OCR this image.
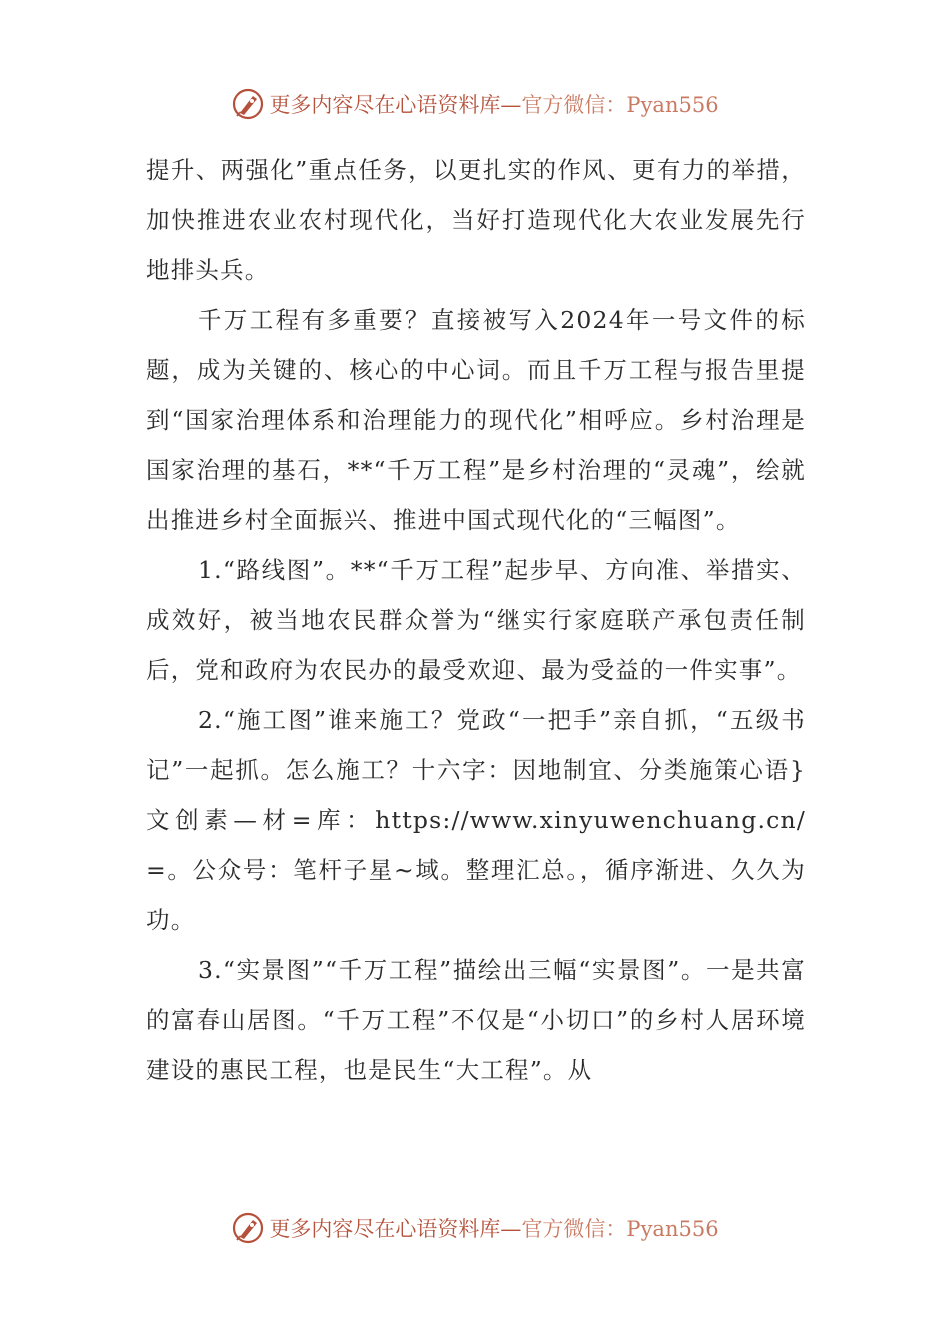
更多内容尽在心语资料库—官方微信：Pyan556

提升、两强化”重点任务，以更扎实的作风、更有力的举措，加快推进农业农村现代化，当好打造现代化大农业发展先行地排头兵。

千万工程有多重要？直接被写入2024年一号文件的标题，成为关键的、核心的中心词。而且千万工程与报告里提到“国家治理体系和治理能力的现代化”相呼应。乡村治理是国家治理的基石，**“千万工程”是乡村治理的“灵魂”，绘就出推进乡村全面振兴、推进中国式现代化的“三幅图”。

1.“路线图”。**“千万工程”起步早、方向准、举措实、成效好，被当地农民群众誉为“继实行家庭联产承包责任制后，党和政府为农民办的最受欢迎、最为受益的一件实事”。

2.“施工图”谁来施工？党政“一把手”亲自抓，“五级书记”一起抓。怎么施工？十六字：因地制宜、分类施策心语}文创素—材=库：https://www.xinyuwenchuang.cn/=。公众号：笔杆子星~域。整理汇总。，循序渐进、久久为功。

3.“实景图”“千万工程”描绘出三幅“实景图”。一是共富的富春山居图。“千万工程”不仅是“小切口”的乡村人居环境建设的惠民工程，也是民生“大工程”。从

更多内容尽在心语资料库—官方微信：Pyan556
